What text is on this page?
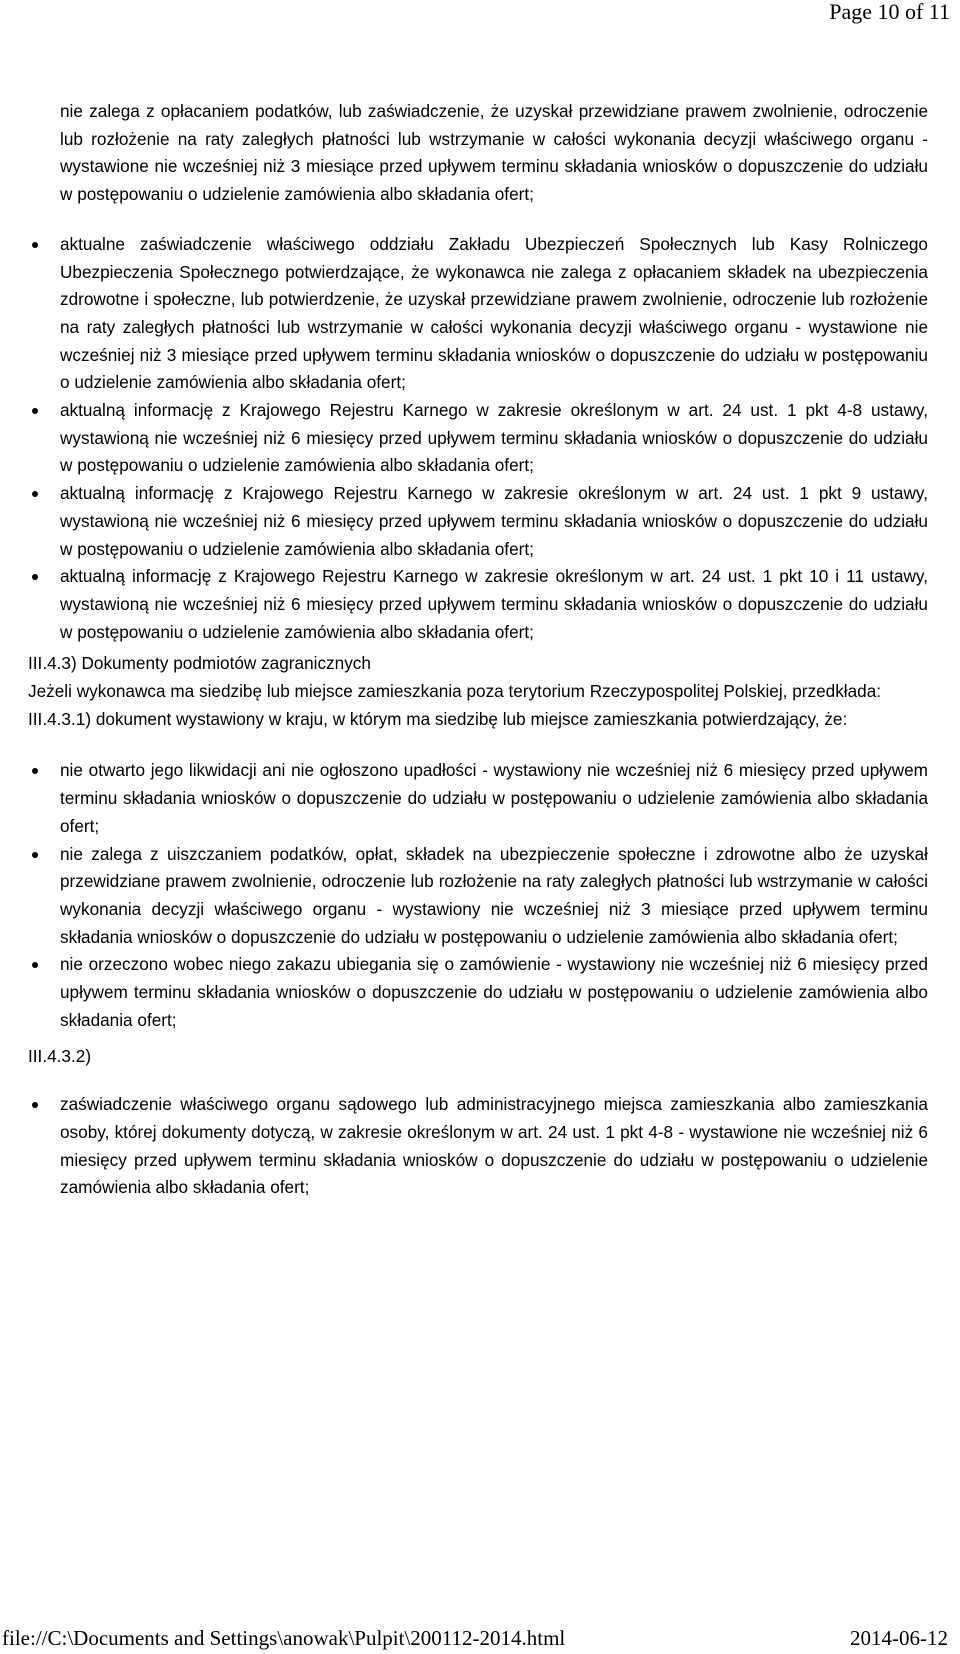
Page 10 of 11

nie zalega z opłacaniem podatków, lub zaświadczenie, że uzyskał przewidziane prawem zwolnienie, odroczenie lub rozłożenie na raty zaległych płatności lub wstrzymanie w całości wykonania decyzji właściwego organu - wystawione nie wcześniej niż 3 miesiące przed upływem terminu składania wniosków o dopuszczenie do udziału w postępowaniu o udzielenie zamówienia albo składania ofert;

aktualne zaświadczenie właściwego oddziału Zakładu Ubezpieczeń Społecznych lub Kasy Rolniczego Ubezpieczenia Społecznego potwierdzające, że wykonawca nie zalega z opłacaniem składek na ubezpieczenia zdrowotne i społeczne, lub potwierdzenie, że uzyskał przewidziane prawem zwolnienie, odroczenie lub rozłożenie na raty zaległych płatności lub wstrzymanie w całości wykonania decyzji właściwego organu - wystawione nie wcześniej niż 3 miesiące przed upływem terminu składania wniosków o dopuszczenie do udziału w postępowaniu o udzielenie zamówienia albo składania ofert;

aktualną informację z Krajowego Rejestru Karnego w zakresie określonym w art. 24 ust. 1 pkt 4-8 ustawy, wystawioną nie wcześniej niż 6 miesięcy przed upływem terminu składania wniosków o dopuszczenie do udziału w postępowaniu o udzielenie zamówienia albo składania ofert;

aktualną informację z Krajowego Rejestru Karnego w zakresie określonym w art. 24 ust. 1 pkt 9 ustawy, wystawioną nie wcześniej niż 6 miesięcy przed upływem terminu składania wniosków o dopuszczenie do udziału w postępowaniu o udzielenie zamówienia albo składania ofert;

aktualną informację z Krajowego Rejestru Karnego w zakresie określonym w art. 24 ust. 1 pkt 10 i 11 ustawy, wystawioną nie wcześniej niż 6 miesięcy przed upływem terminu składania wniosków o dopuszczenie do udziału w postępowaniu o udzielenie zamówienia albo składania ofert;

III.4.3) Dokumenty podmiotów zagranicznych

Jeżeli wykonawca ma siedzibę lub miejsce zamieszkania poza terytorium Rzeczypospolitej Polskiej, przedkłada:

III.4.3.1) dokument wystawiony w kraju, w którym ma siedzibę lub miejsce zamieszkania potwierdzający, że:

nie otwarto jego likwidacji ani nie ogłoszono upadłości - wystawiony nie wcześniej niż 6 miesięcy przed upływem terminu składania wniosków o dopuszczenie do udziału w postępowaniu o udzielenie zamówienia albo składania ofert;

nie zalega z uiszczaniem podatków, opłat, składek na ubezpieczenie społeczne i zdrowotne albo że uzyskał przewidziane prawem zwolnienie, odroczenie lub rozłożenie na raty zaległych płatności lub wstrzymanie w całości wykonania decyzji właściwego organu - wystawiony nie wcześniej niż 3 miesiące przed upływem terminu składania wniosków o dopuszczenie do udziału w postępowaniu o udzielenie zamówienia albo składania ofert;

nie orzeczono wobec niego zakazu ubiegania się o zamówienie - wystawiony nie wcześniej niż 6 miesięcy przed upływem terminu składania wniosków o dopuszczenie do udziału w postępowaniu o udzielenie zamówienia albo składania ofert;

III.4.3.2)

zaświadczenie właściwego organu sądowego lub administracyjnego miejsca zamieszkania albo zamieszkania osoby, której dokumenty dotyczą, w zakresie określonym w art. 24 ust. 1 pkt 4-8 - wystawione nie wcześniej niż 6 miesięcy przed upływem terminu składania wniosków o dopuszczenie do udziału w postępowaniu o udzielenie zamówienia albo składania ofert;

file://C:\Documents and Settings\anowak\Pulpit\200112-2014.html	2014-06-12
